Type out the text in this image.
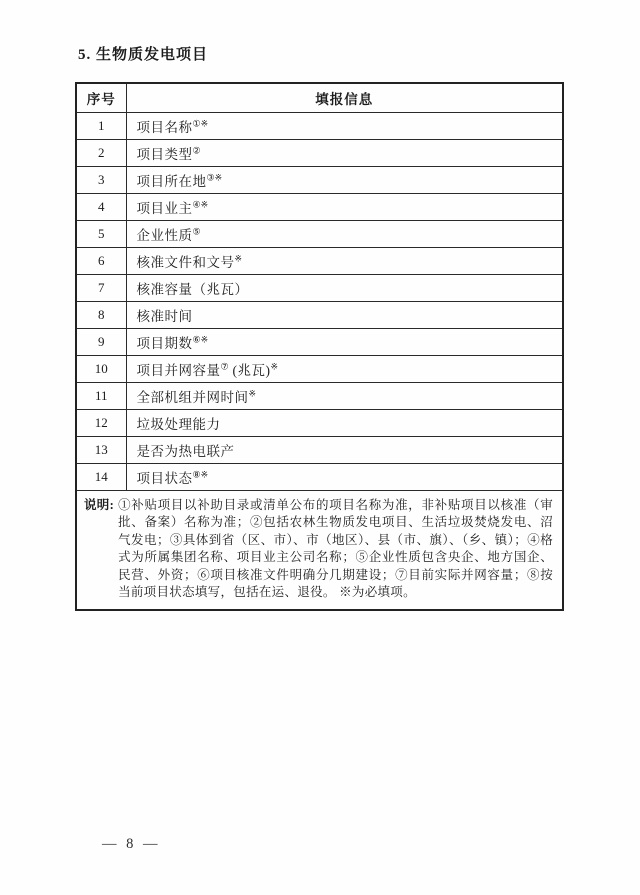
5. 生物质发电项目
序号	填报信息
1	项目名称①※
2	项目类型②
3	项目所在地③※
4	项目业主④※
5	企业性质⑤
6	核准文件和文号※
7	核准容量（兆瓦）
8	核准时间
9	项目期数⑥※
10	项目并网容量⑦ (兆瓦)※
11	全部机组并网时间※
12	垃圾处理能力
13	是否为热电联产
14	项目状态⑧※

说明: ①补贴项目以补助目录或清单公布的项目名称为准，非补贴项目以核准（审批、备案）名称为准；②包括农林生物质发电项目、生活垃圾焚烧发电、沼气发电；③具体到省（区、市）、市（地区）、县（市、旗）、（乡、镇）；④格式为所属集团名称、项目业主公司名称；⑤企业性质包含央企、地方国企、民营、外资；⑥项目核准文件明确分几期建设；⑦目前实际并网容量；⑧按当前项目状态填写，包括在运、退役。 ※为必填项。	
— 8 —
